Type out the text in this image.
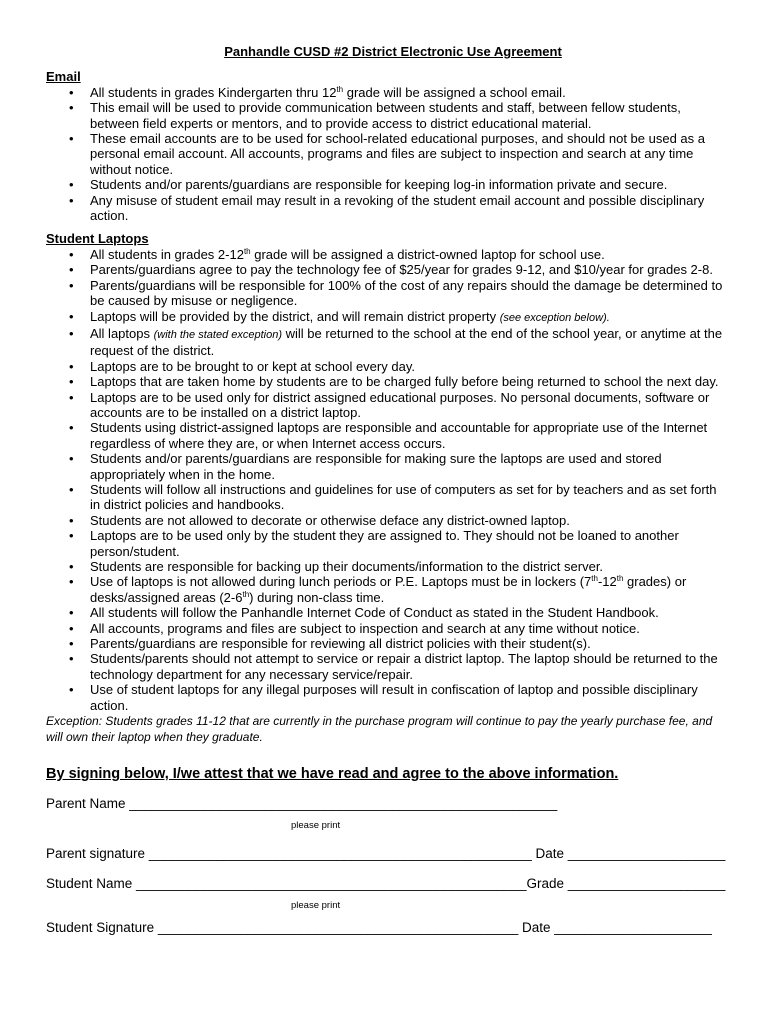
Panhandle CUSD #2 District Electronic Use Agreement
Email
• All students in grades Kindergarten thru 12th grade will be assigned a school email.
• This email will be used to provide communication between students and staff, between fellow students, between field experts or mentors, and to provide access to district educational material.
• These email accounts are to be used for school-related educational purposes, and should not be used as a personal email account. All accounts, programs and files are subject to inspection and search at any time without notice.
• Students and/or parents/guardians are responsible for keeping log-in information private and secure.
• Any misuse of student email may result in a revoking of the student email account and possible disciplinary action.
Student Laptops
• All students in grades 2-12th grade will be assigned a district-owned laptop for school use.
• Parents/guardians agree to pay the technology fee of $25/year for grades 9-12, and $10/year for grades 2-8.
• Parents/guardians will be responsible for 100% of the cost of any repairs should the damage be determined to be caused by misuse or negligence.
• Laptops will be provided by the district, and will remain district property (see exception below).
• All laptops (with the stated exception) will be returned to the school at the end of the school year, or anytime at the request of the district.
• Laptops are to be brought to or kept at school every day.
• Laptops that are taken home by students are to be charged fully before being returned to school the next day.
• Laptops are to be used only for district assigned educational purposes. No personal documents, software or accounts are to be installed on a district laptop.
• Students using district-assigned laptops are responsible and accountable for appropriate use of the Internet regardless of where they are, or when Internet access occurs.
• Students and/or parents/guardians are responsible for making sure the laptops are used and stored appropriately when in the home.
• Students will follow all instructions and guidelines for use of computers as set for by teachers and as set forth in district policies and handbooks.
• Students are not allowed to decorate or otherwise deface any district-owned laptop.
• Laptops are to be used only by the student they are assigned to. They should not be loaned to another person/student.
• Students are responsible for backing up their documents/information to the district server.
• Use of laptops is not allowed during lunch periods or P.E. Laptops must be in lockers (7th-12th grades) or desks/assigned areas (2-6th) during non-class time.
• All students will follow the Panhandle Internet Code of Conduct as stated in the Student Handbook.
• All accounts, programs and files are subject to inspection and search at any time without notice.
• Parents/guardians are responsible for reviewing all district policies with their student(s).
• Students/parents should not attempt to service or repair a district laptop. The laptop should be returned to the technology department for any necessary service/repair.
• Use of student laptops for any illegal purposes will result in confiscation of laptop and possible disciplinary action.
Exception: Students grades 11-12 that are currently in the purchase program will continue to pay the yearly purchase fee, and will own their laptop when they graduate.
By signing below, I/we attest that we have read and agree to the above information.
Parent Name _________________________________________________________
please print
Parent signature ___________________________________________________ Date _____________________
Student Name ____________________________________________________Grade _____________________
please print
Student Signature ________________________________________________ Date _____________________
